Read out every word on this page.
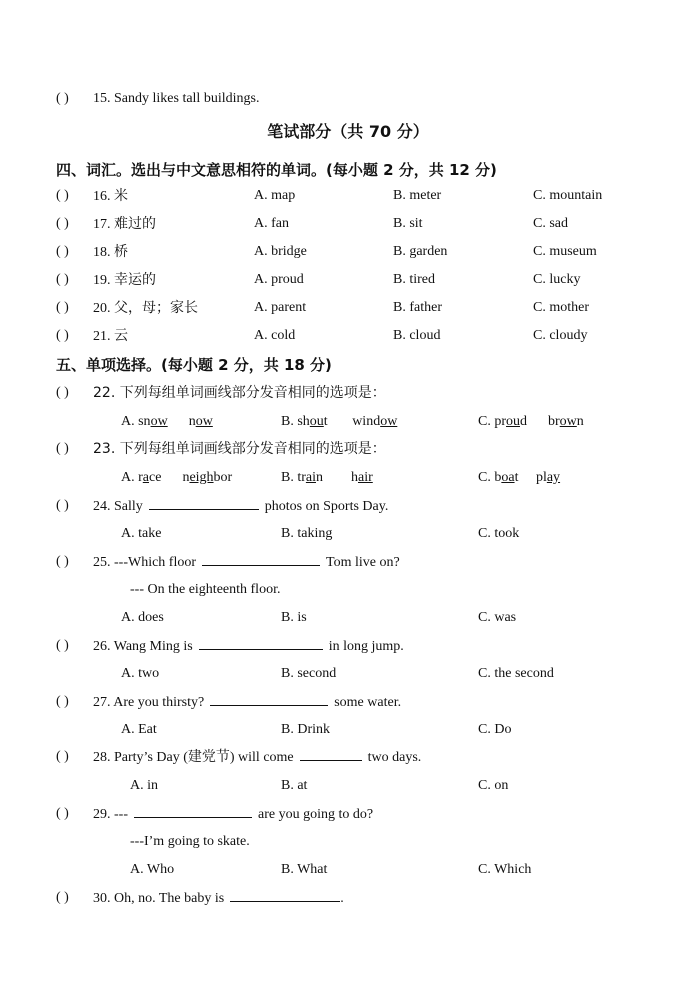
( ) 15. Sandy likes tall buildings.
笔试部分（共 70 分）
四、词汇。选出与中文意思相符的单词。(每小题 2 分，共 12 分)
( ) 16. 米	A. map	B. meter	C. mountain
( ) 17. 难过的	A. fan	B. sit	C. sad
( ) 18. 桥	A. bridge	B. garden	C. museum
( ) 19. 幸运的	A. proud	B. tired	C. lucky
( ) 20. 父，母；家长	A. parent	B. father	C. mother
( ) 21. 云	A. cold	B. cloud	C. cloudy
五、单项选择。(每小题 2 分，共 18 分)
( ) 22. 下列每组单词画线部分发音相同的选项是：
A. snow now	B. shout window	C. proud brown
( ) 23. 下列每组单词画线部分发音相同的选项是：
A. race neighbor	B. train hair	C. boat play
( ) 24. Sally	photos on Sports Day.
A. take	B. taking	C. took
( ) 25. ---Which floor	Tom live on?
--- On the eighteenth floor.
A. does	B. is	C. was
( ) 26. Wang Ming is	in long jump.
A. two	B. second	C. the second
( ) 27. Are you thirsty?	some water.
A. Eat	B. Drink	C. Do
( ) 28. Party’s Day (建党节) will come	two days.
A. in	B. at	C. on
( ) 29. ---	are you going to do?
---I’m going to skate.
A. Who	B. What	C. Which
( ) 30. Oh, no. The baby is	.
